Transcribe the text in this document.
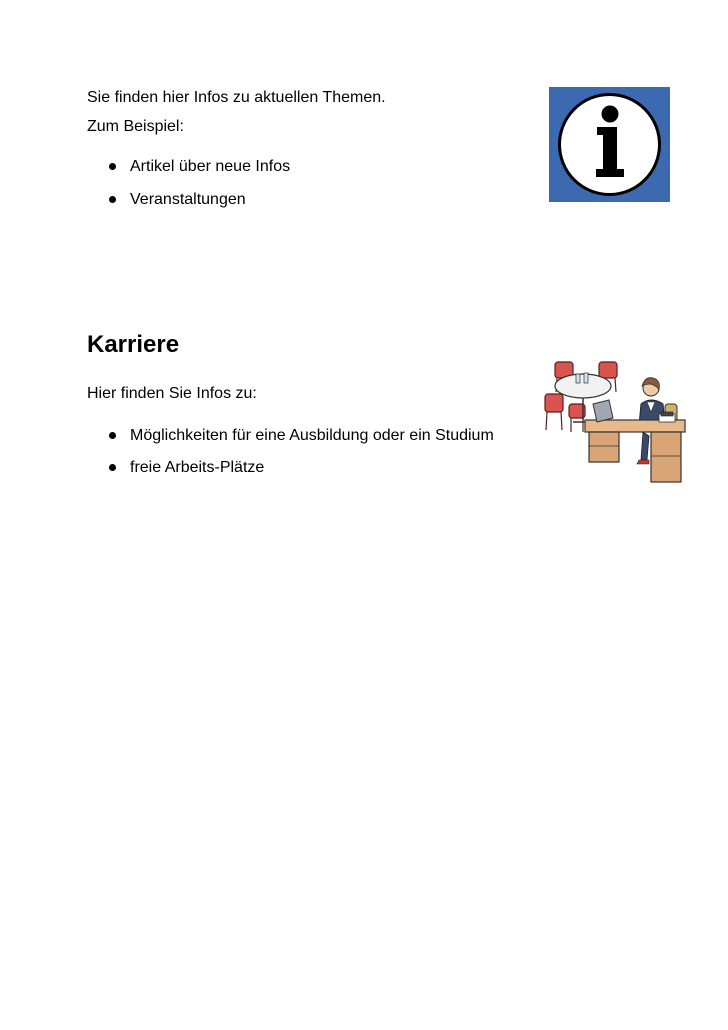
Sie finden hier Infos zu aktuellen Themen.
Zum Beispiel:
Artikel über neue Infos
Veranstaltungen
Karriere
Hier finden Sie Infos zu:
Möglichkeiten für eine Ausbildung oder ein Studium
freie Arbeits-Plätze
